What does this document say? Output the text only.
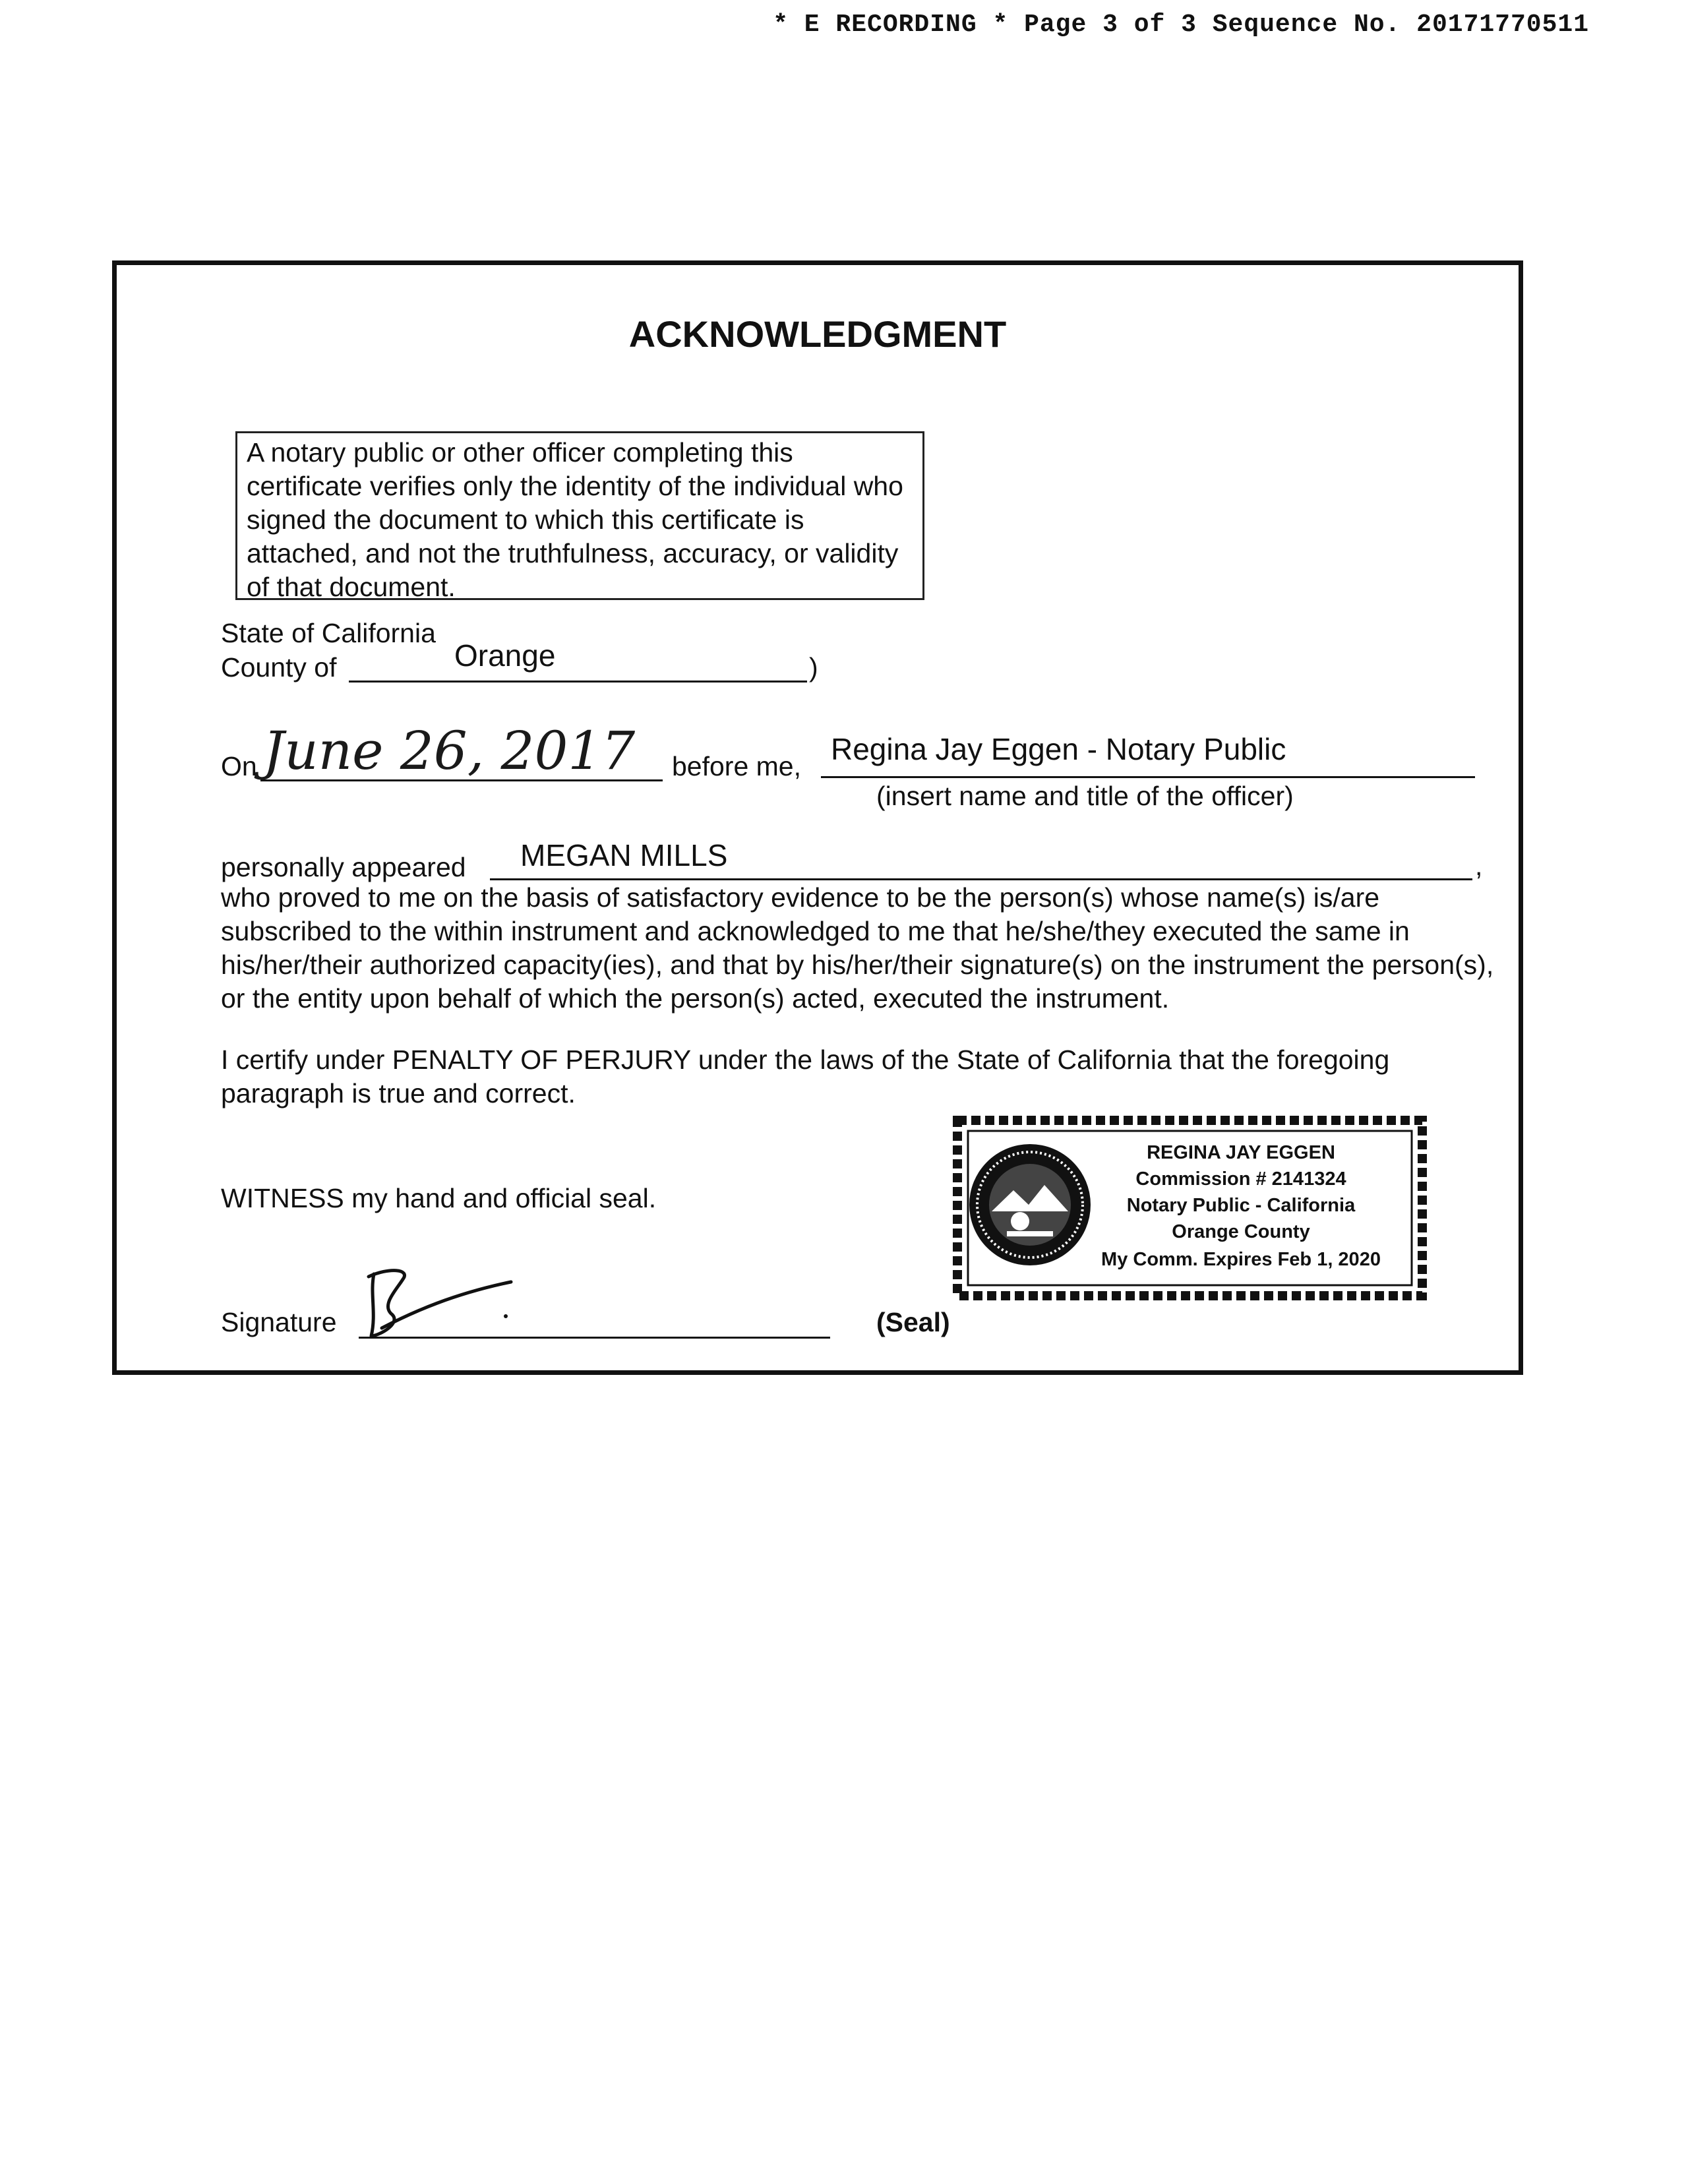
* E RECORDING * Page 3 of 3 Sequence No. 20171770511
ACKNOWLEDGMENT
A notary public or other officer completing this certificate verifies only the identity of the individual who signed the document to which this certificate is attached, and not the truthfulness, accuracy, or validity of that document.
State of California
County of	Orange	)
On June 26, 2017 before me, Regina Jay Eggen - Notary Public
(insert name and title of the officer)
personally appeared MEGAN MILLS	,
who proved to me on the basis of satisfactory evidence to be the person(s) whose name(s) is/are subscribed to the within instrument and acknowledged to me that he/she/they executed the same in his/her/their authorized capacity(ies), and that by his/her/their signature(s) on the instrument the person(s), or the entity upon behalf of which the person(s) acted, executed the instrument.
I certify under PENALTY OF PERJURY under the laws of the State of California that the foregoing paragraph is true and correct.
WITNESS my hand and official seal.
Signature	(Seal)
REGINA JAY EGGEN
Commission # 2141324
Notary Public - California
Orange County
My Comm. Expires Feb 1, 2020
